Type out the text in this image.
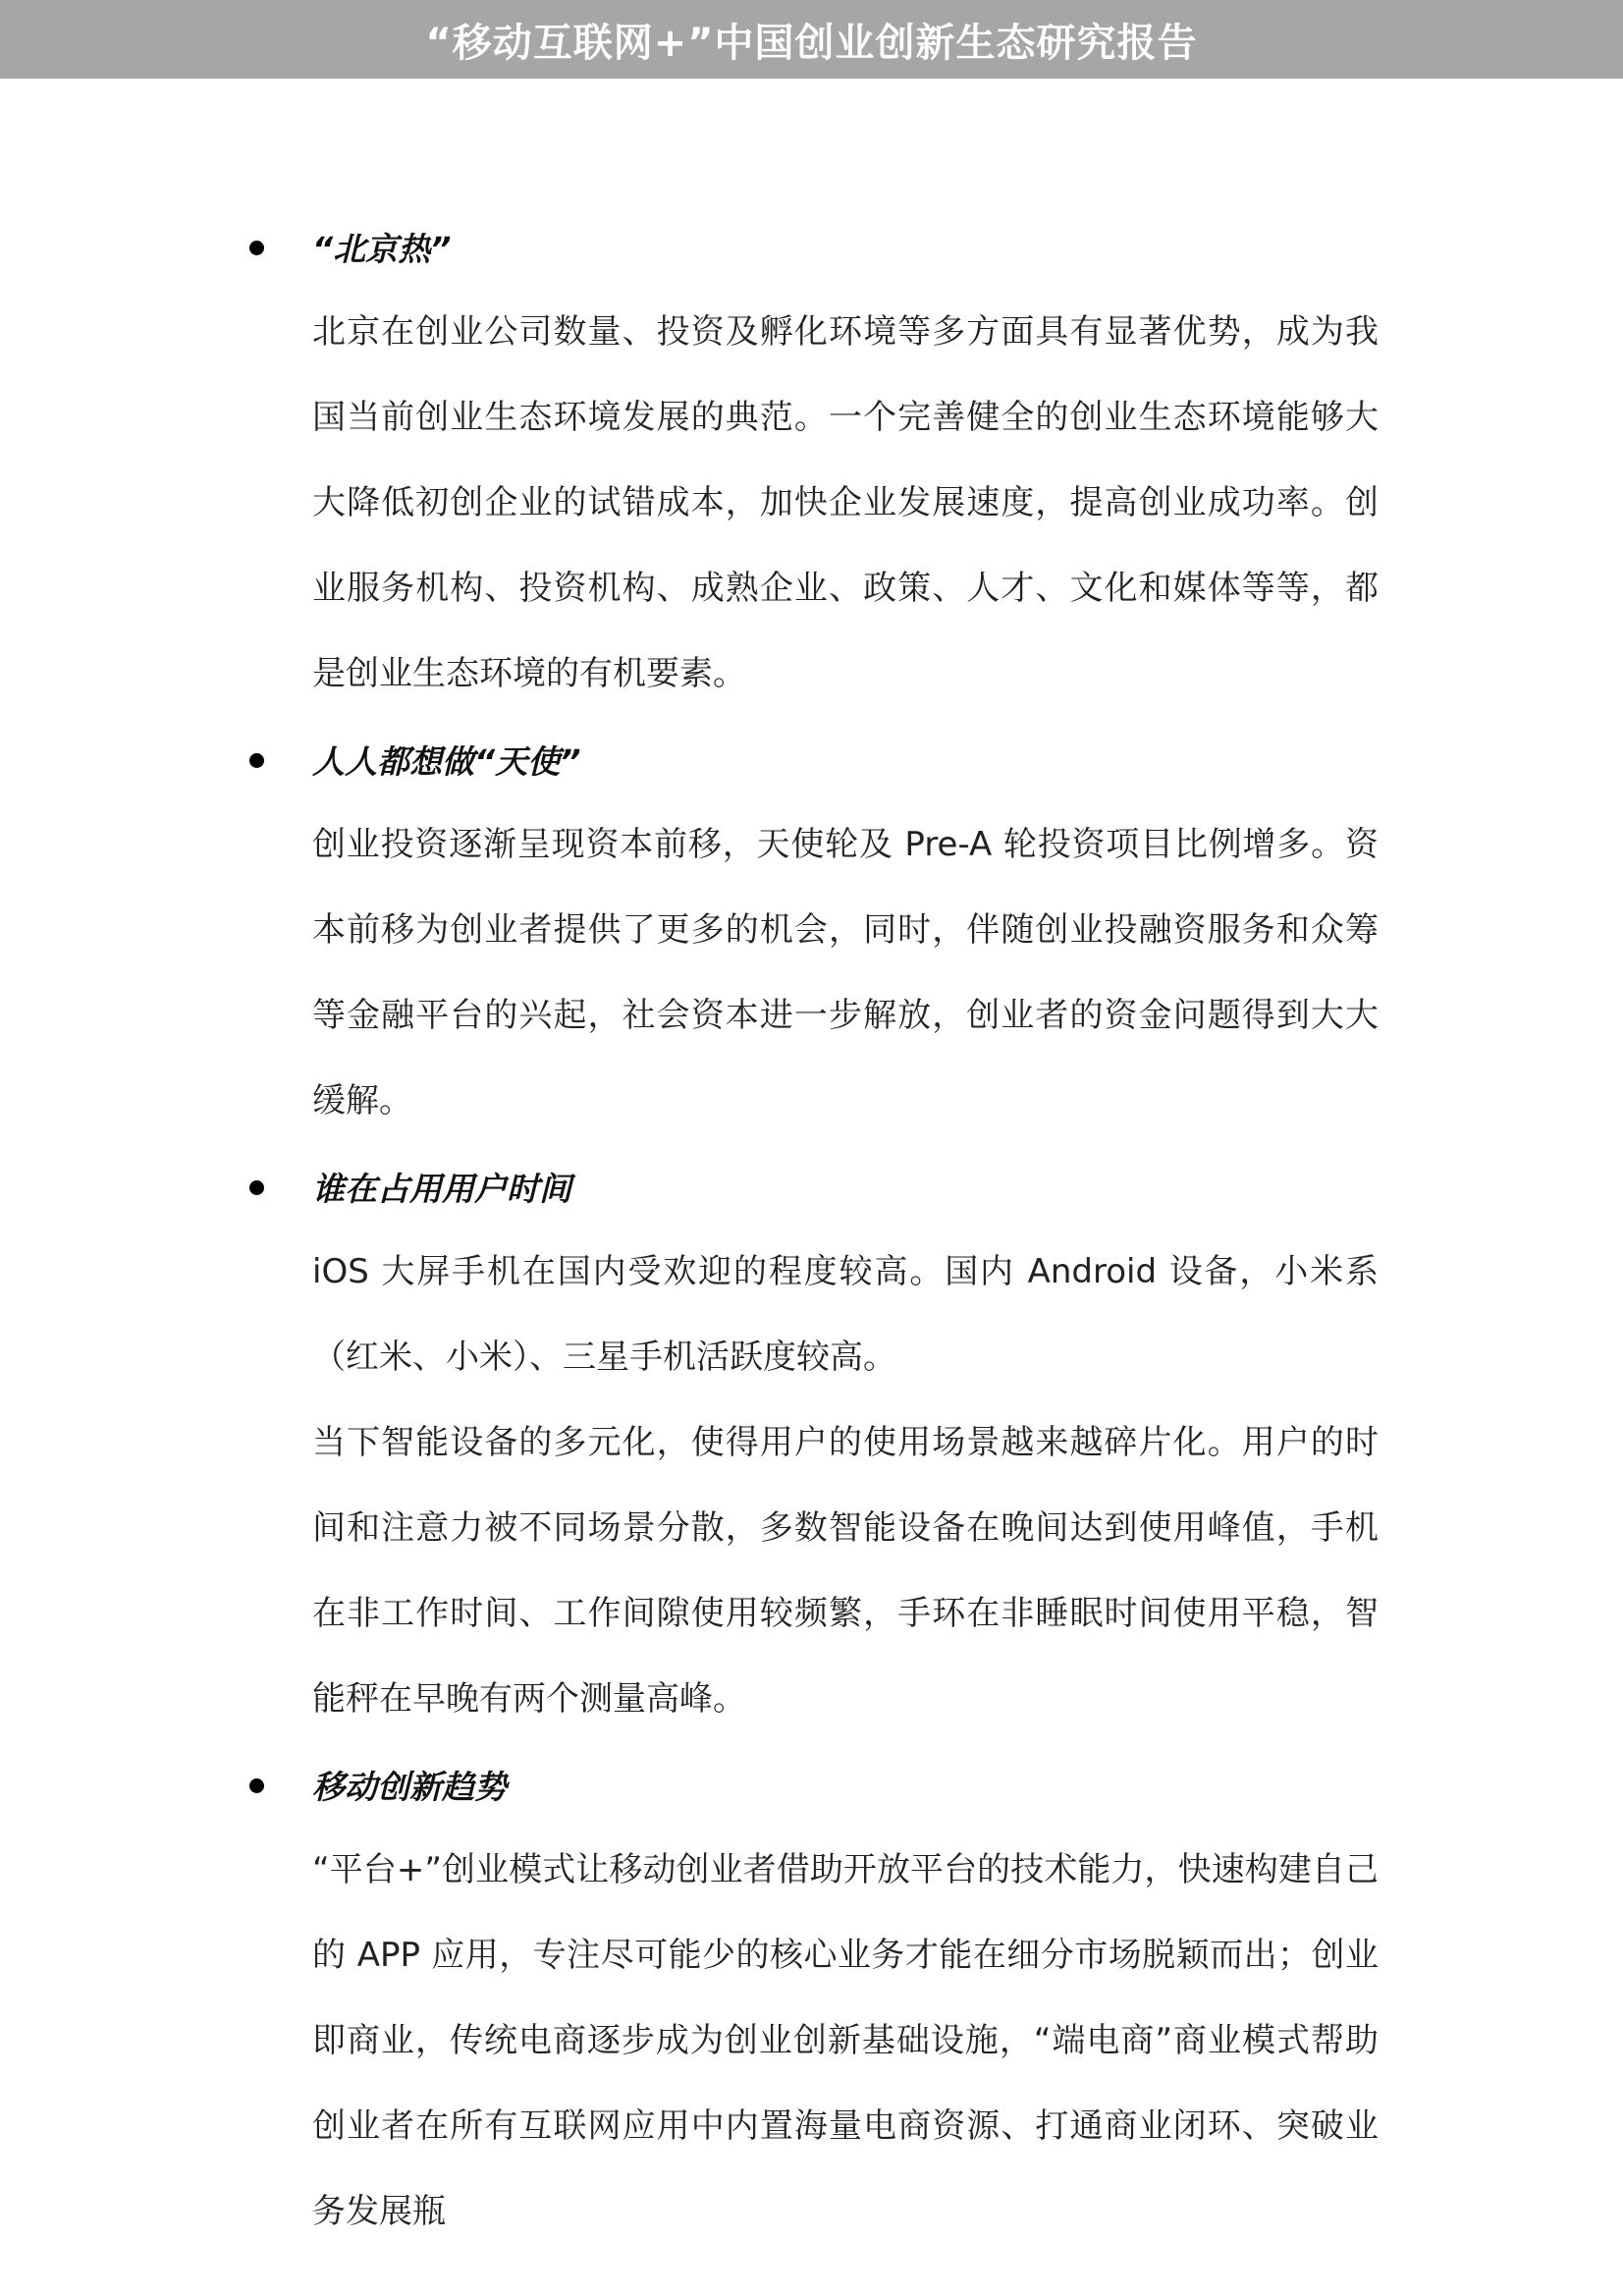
“移动互联网+”中国创业创新生态研究报告
“北京热”

北京在创业公司数量、投资及孵化环境等多方面具有显著优势，成为我国当前创业生态环境发展的典范。一个完善健全的创业生态环境能够大大降低初创企业的试错成本，加快企业发展速度，提高创业成功率。创业服务机构、投资机构、成熟企业、政策、人才、文化和媒体等等，都是创业生态环境的有机要素。

人人都想做“天使”

创业投资逐渐呈现资本前移，天使轮及 Pre-A 轮投资项目比例增多。资本前移为创业者提供了更多的机会，同时，伴随创业投融资服务和众筹等金融平台的兴起，社会资本进一步解放，创业者的资金问题得到大大缓解。

谁在占用用户时间

iOS 大屏手机在国内受欢迎的程度较高。国内 Android 设备，小米系（红米、小米）、三星手机活跃度较高。

当下智能设备的多元化，使得用户的使用场景越来越碎片化。用户的时间和注意力被不同场景分散，多数智能设备在晚间达到使用峰值，手机在非工作时间、工作间隙使用较频繁，手环在非睡眠时间使用平稳，智能秤在早晚有两个测量高峰。

移动创新趋势

“平台+”创业模式让移动创业者借助开放平台的技术能力，快速构建自己的 APP 应用，专注尽可能少的核心业务才能在细分市场脱颖而出；创业即商业，传统电商逐步成为创业创新基础设施，“端电商”商业模式帮助创业者在所有互联网应用中内置海量电商资源、打通商业闭环、突破业务发展瓶
